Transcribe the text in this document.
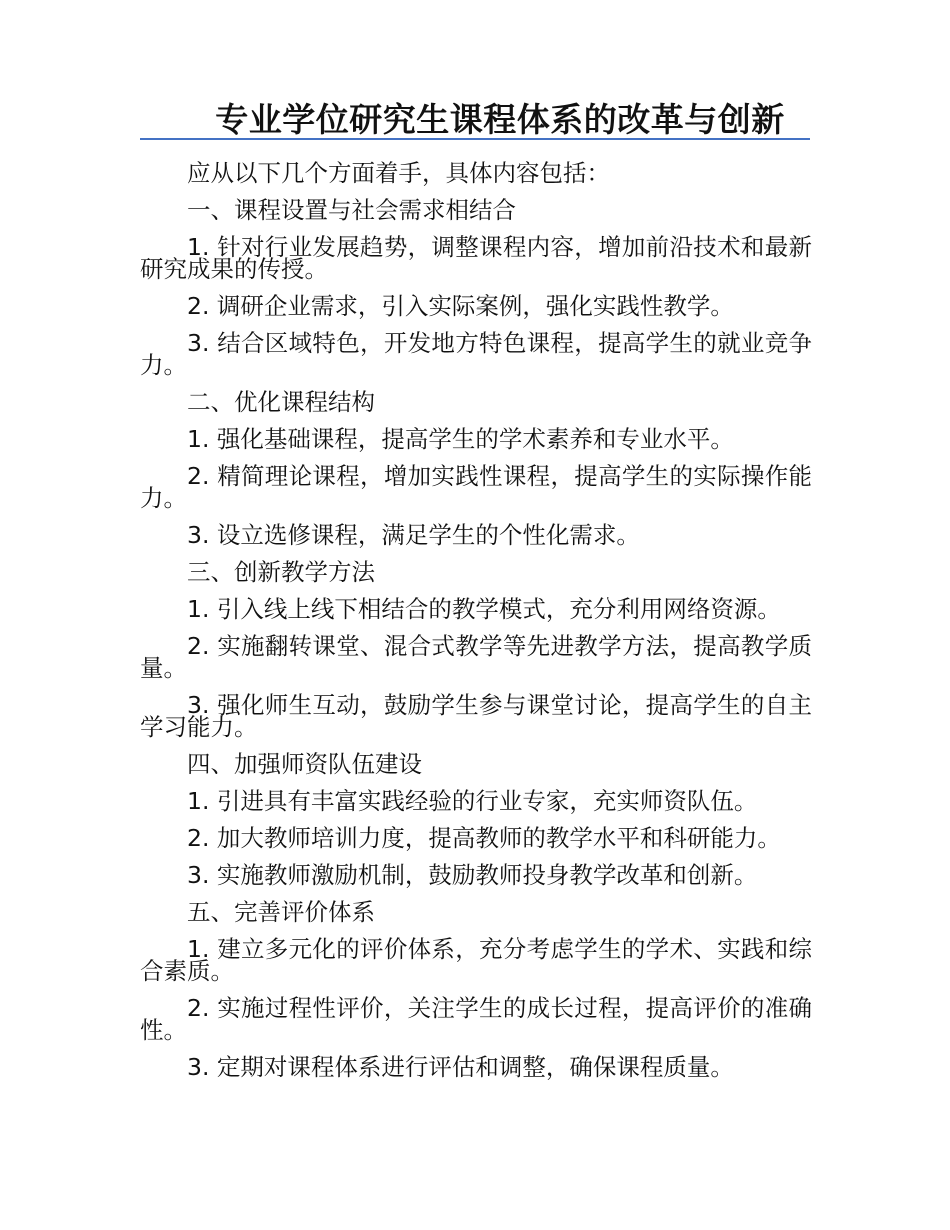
专业学位研究生课程体系的改革与创新

应从以下几个方面着手，具体内容包括：

一、课程设置与社会需求相结合

1. 针对行业发展趋势，调整课程内容，增加前沿技术和最新研究成果的传授。

2. 调研企业需求，引入实际案例，强化实践性教学。

3. 结合区域特色，开发地方特色课程，提高学生的就业竞争力。

二、优化课程结构

1. 强化基础课程，提高学生的学术素养和专业水平。

2. 精简理论课程，增加实践性课程，提高学生的实际操作能力。

3. 设立选修课程，满足学生的个性化需求。

三、创新教学方法

1. 引入线上线下相结合的教学模式，充分利用网络资源。

2. 实施翻转课堂、混合式教学等先进教学方法，提高教学质量。

3. 强化师生互动，鼓励学生参与课堂讨论，提高学生的自主学习能力。

四、加强师资队伍建设

1. 引进具有丰富实践经验的行业专家，充实师资队伍。

2. 加大教师培训力度，提高教师的教学水平和科研能力。

3. 实施教师激励机制，鼓励教师投身教学改革和创新。

五、完善评价体系

1. 建立多元化的评价体系，充分考虑学生的学术、实践和综合素质。

2. 实施过程性评价，关注学生的成长过程，提高评价的准确性。

3. 定期对课程体系进行评估和调整，确保课程质量。
